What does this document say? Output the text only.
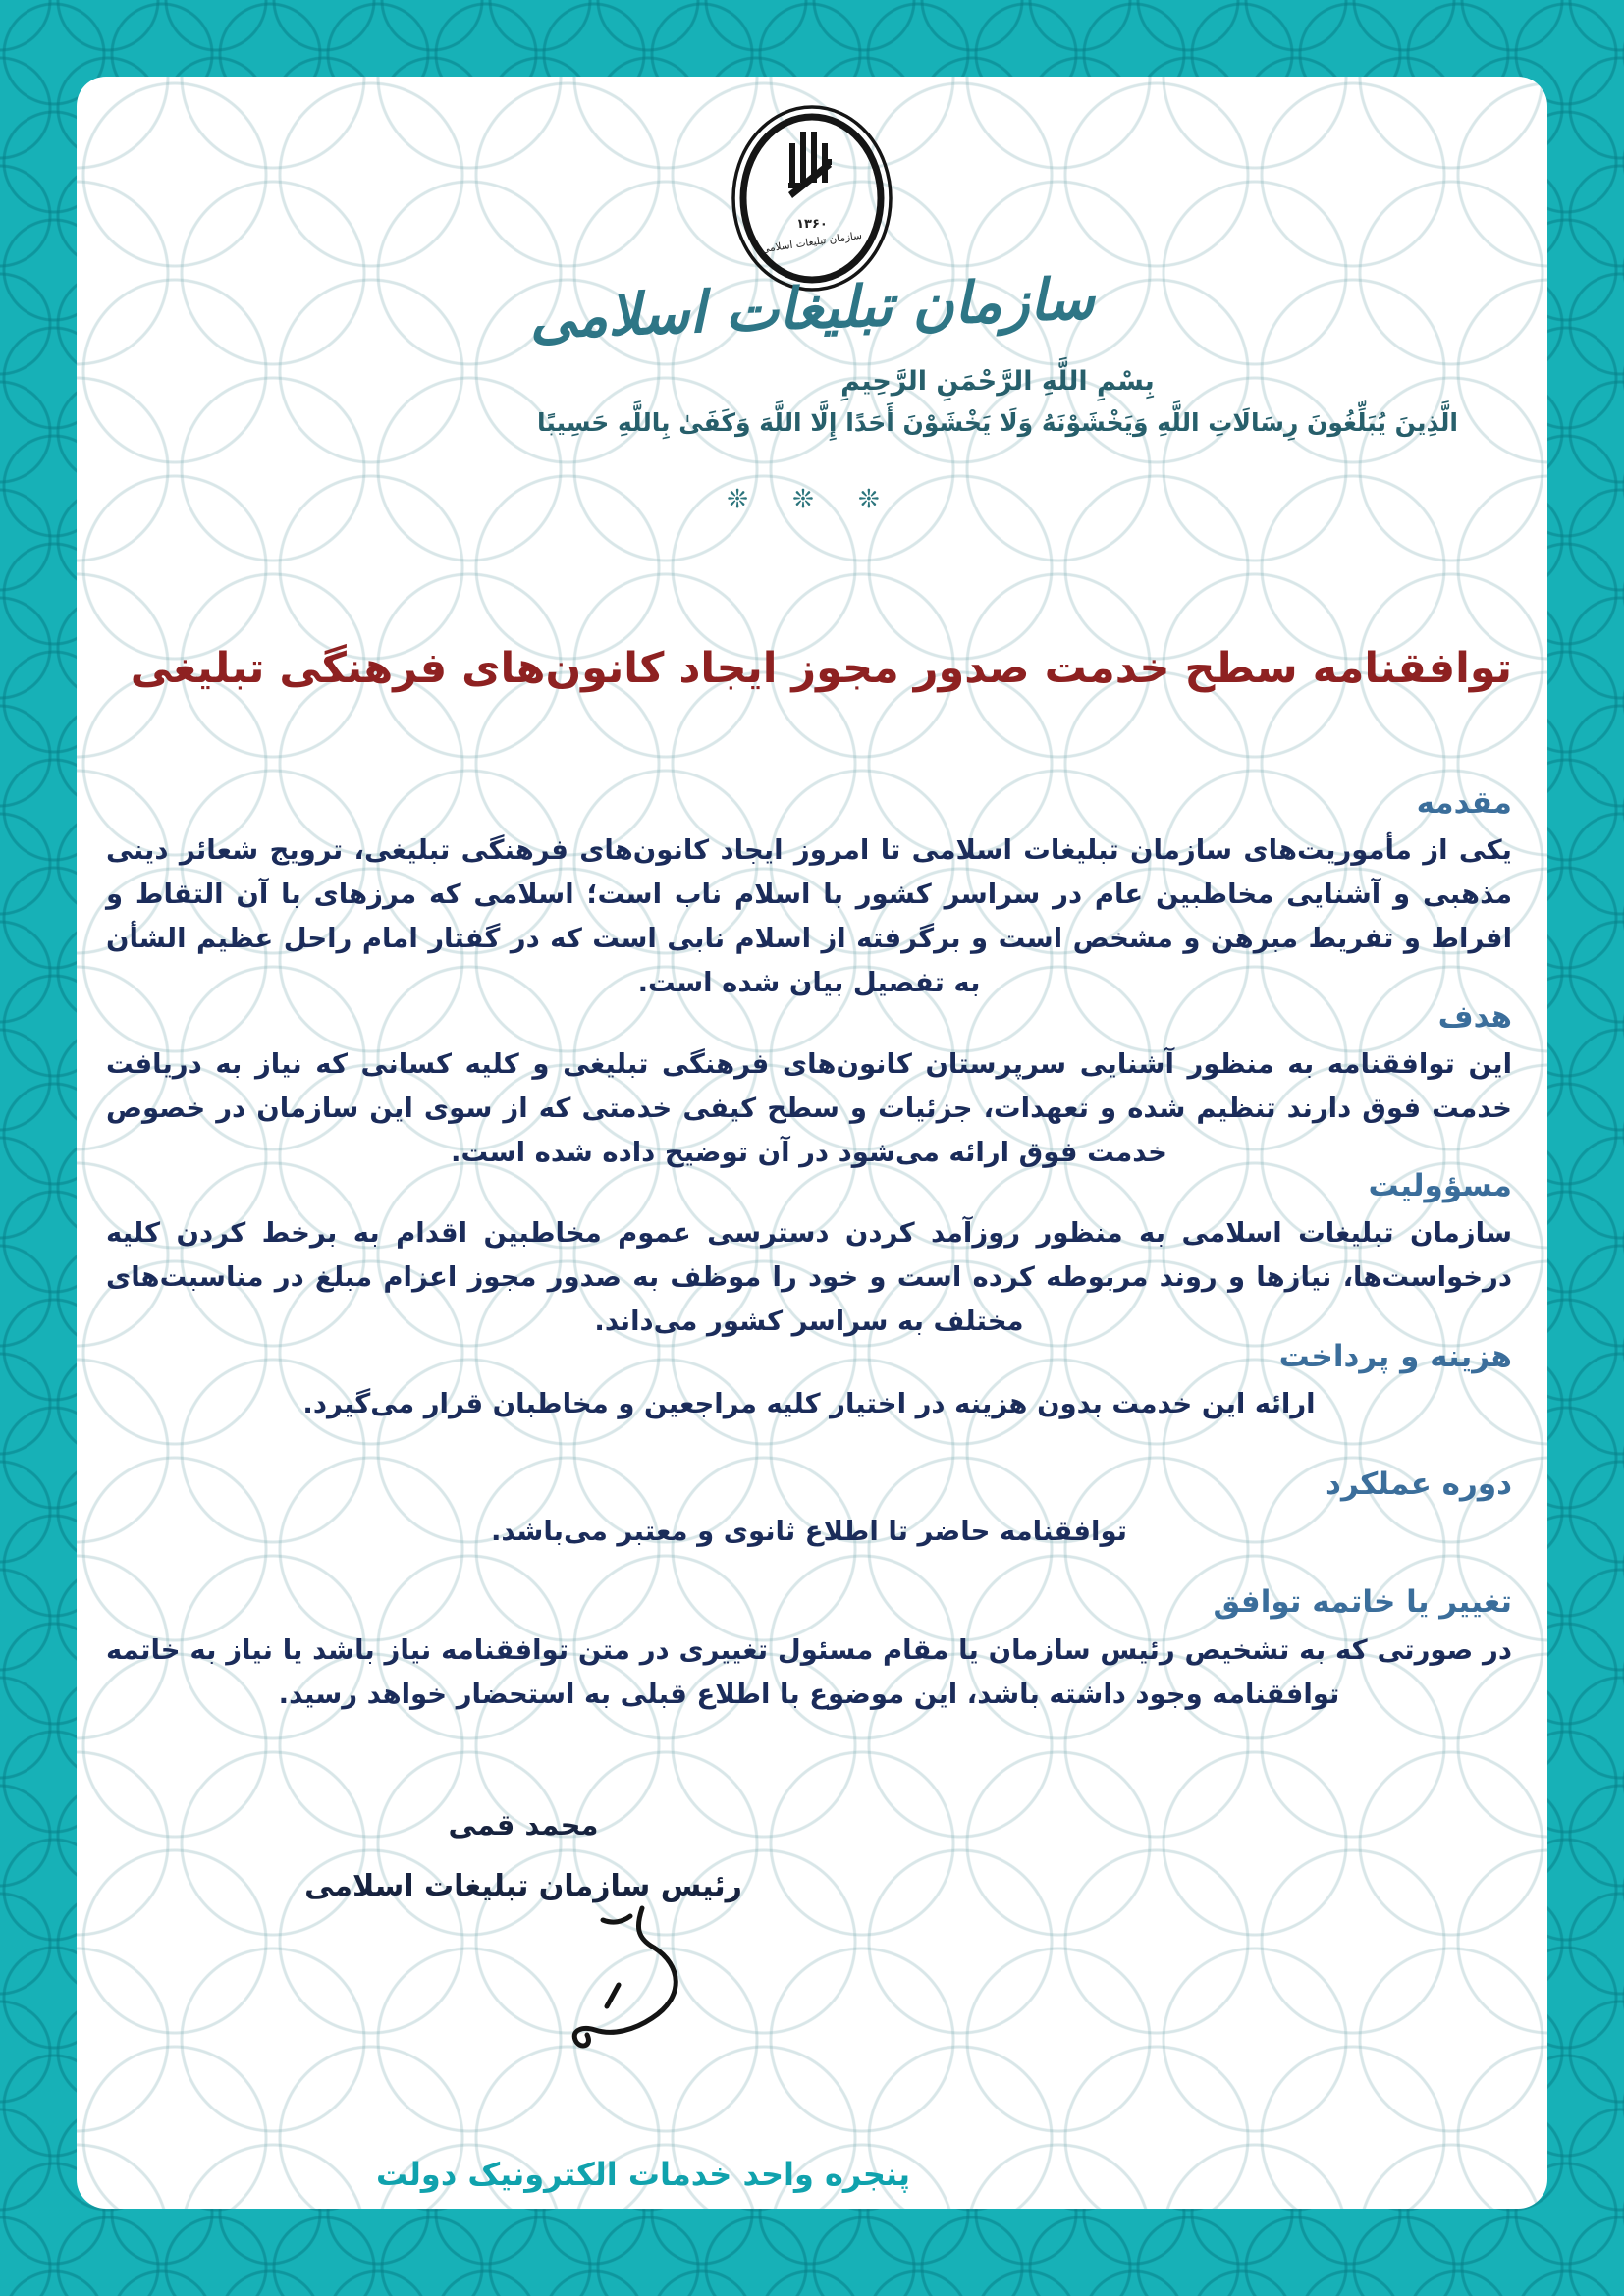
۱۳۶۰
سازمان تبلیغات اسلامی
سازمان تبلیغات اسلامی
بِسْمِ اللَّهِ الرَّحْمَنِ الرَّحِيمِ
الَّذِينَ يُبَلِّغُونَ رِسَالَاتِ اللَّهِ وَيَخْشَوْنَهُ وَلَا يَخْشَوْنَ أَحَدًا إِلَّا اللَّهَ وَكَفَىٰ بِاللَّهِ حَسِيبًا
❊ ❊ ❊
توافقنامه سطح خدمت صدور مجوز ایجاد کانون‌های فرهنگی تبلیغی
مقدمه
یکی از مأموریت‌های سازمان تبلیغات اسلامی تا امروز ایجاد کانون‌های فرهنگی تبلیغی، ترویج شعائر دینی مذهبی و آشنایی مخاطبین عام در سراسر کشور با اسلام ناب است؛ اسلامی که مرزهای با آن التقاط و افراط و تفریط مبرهن و مشخص است و برگرفته از اسلام نابی است که در گفتار امام راحل عظیم الشأن به تفصیل بیان شده است.
هدف
این توافقنامه به منظور آشنایی سرپرستان کانون‌های فرهنگی تبلیغی و کلیه کسانی که نیاز به دریافت خدمت فوق دارند تنظیم شده و تعهدات، جزئیات و سطح کیفی خدمتی که از سوی این سازمان در خصوص خدمت فوق ارائه می‌شود در آن توضیح داده شده است.
مسؤولیت
سازمان تبلیغات اسلامی به منظور روزآمد کردن دسترسی عموم مخاطبین اقدام به برخط کردن کلیه درخواست‌ها، نیازها و روند مربوطه کرده است و خود را موظف به صدور مجوز اعزام مبلغ در مناسبت‌های مختلف به سراسر کشور می‌داند.
هزینه و پرداخت
ارائه این خدمت بدون هزینه در اختیار کلیه مراجعین و مخاطبان قرار می‌گیرد.
دوره عملکرد
توافقنامه حاضر تا اطلاع ثانوی و معتبر می‌باشد.
تغییر یا خاتمه توافق
در صورتی که به تشخیص رئیس سازمان یا مقام مسئول تغییری در متن توافقنامه نیاز باشد یا نیاز به خاتمه توافقنامه وجود داشته باشد، این موضوع با اطلاع قبلی به استحضار خواهد رسید.
محمد قمی
رئیس سازمان تبلیغات اسلامی
پنجره واحد خدمات الکترونیک دولت
